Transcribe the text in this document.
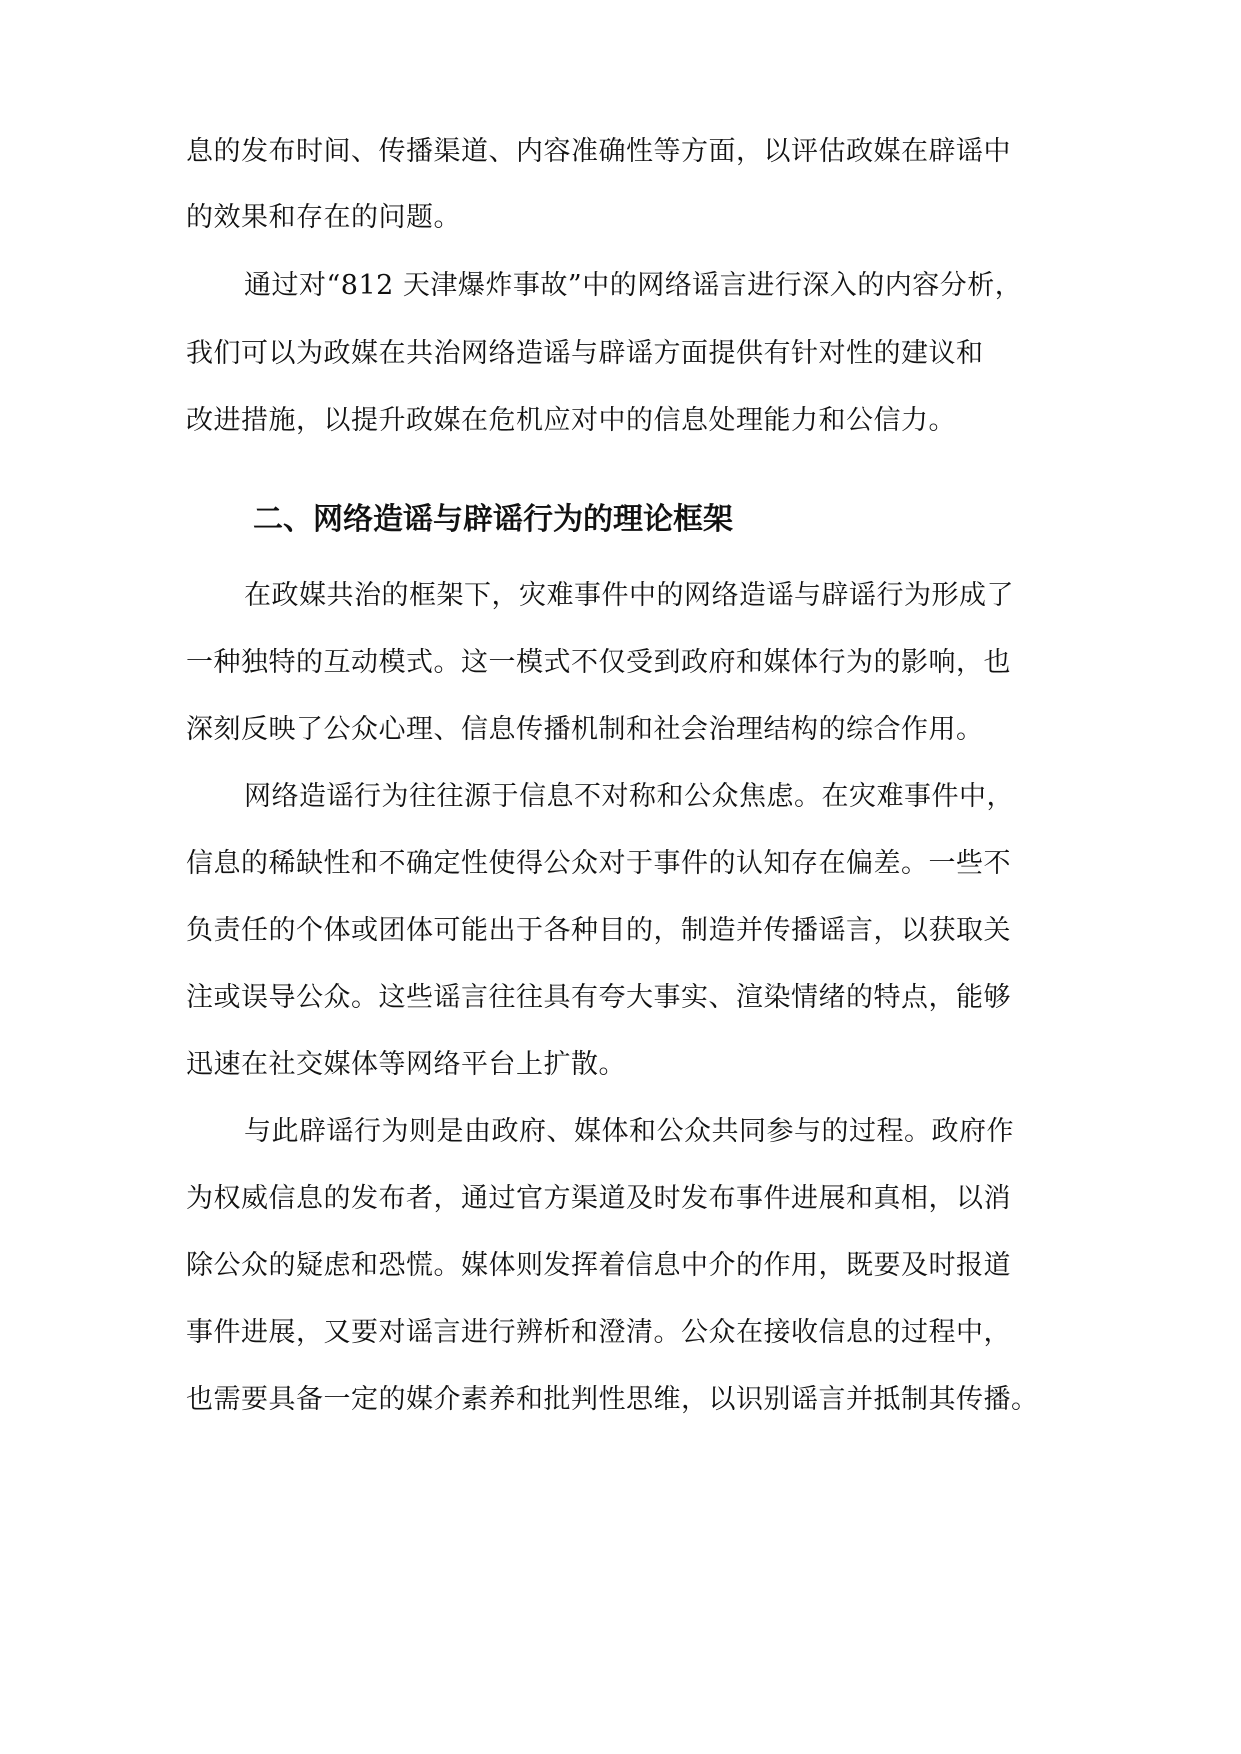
息的发布时间、传播渠道、内容准确性等方面，以评估政媒在辟谣中
的效果和存在的问题。
通过对“812 天津爆炸事故”中的网络谣言进行深入的内容分析，
我们可以为政媒在共治网络造谣与辟谣方面提供有针对性的建议和
改进措施，以提升政媒在危机应对中的信息处理能力和公信力。
二、网络造谣与辟谣行为的理论框架
在政媒共治的框架下，灾难事件中的网络造谣与辟谣行为形成了
一种独特的互动模式。这一模式不仅受到政府和媒体行为的影响，也
深刻反映了公众心理、信息传播机制和社会治理结构的综合作用。
网络造谣行为往往源于信息不对称和公众焦虑。在灾难事件中，
信息的稀缺性和不确定性使得公众对于事件的认知存在偏差。一些不
负责任的个体或团体可能出于各种目的，制造并传播谣言，以获取关
注或误导公众。这些谣言往往具有夸大事实、渲染情绪的特点，能够
迅速在社交媒体等网络平台上扩散。
与此辟谣行为则是由政府、媒体和公众共同参与的过程。政府作
为权威信息的发布者，通过官方渠道及时发布事件进展和真相，以消
除公众的疑虑和恐慌。媒体则发挥着信息中介的作用，既要及时报道
事件进展，又要对谣言进行辨析和澄清。公众在接收信息的过程中，
也需要具备一定的媒介素养和批判性思维，以识别谣言并抵制其传播。
